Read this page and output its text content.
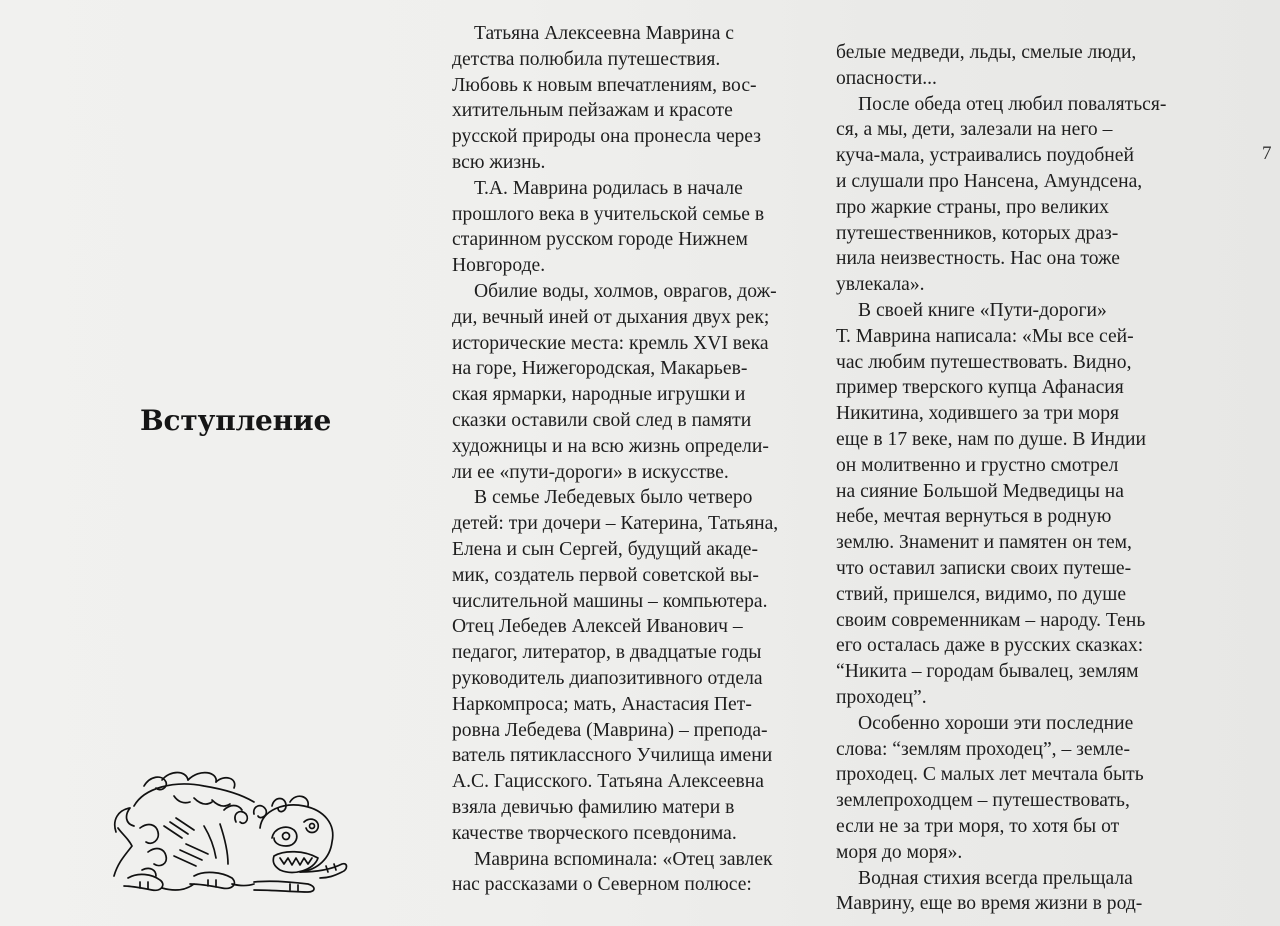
Вступление
7
Татьяна Алексеевна Маврина с
детства полюбила путешествия.
Любовь к новым впечатлениям, вос-
хитительным пейзажам и красоте
русской природы она пронесла через
всю жизнь.
Т.А. Маврина родилась в начале
прошлого века в учительской семье в
старинном русском городе Нижнем
Новгороде.
Обилие воды, холмов, оврагов, дож-
ди, вечный иней от дыхания двух рек;
исторические места: кремль XVI века
на горе, Нижегородская, Макарьев-
ская ярмарки, народные игрушки и
сказки оставили свой след в памяти
художницы и на всю жизнь определи-
ли ее «пути-дороги» в искусстве.
В семье Лебедевых было четверо
детей: три дочери – Катерина, Татьяна,
Елена и сын Сергей, будущий акаде-
мик, создатель первой советской вы-
числительной машины – компьютера.
Отец Лебедев Алексей Иванович –
педагог, литератор, в двадцатые годы
руководитель диапозитивного отдела
Наркомпроса; мать, Анастасия Пет-
ровна Лебедева (Маврина) – препода-
ватель пятиклассного Училища имени
А.С. Гацисского. Татьяна Алексеевна
взяла девичью фамилию матери в
качестве творческого псевдонима.
Маврина вспоминала: «Отец завлек
нас рассказами о Северном полюсе:
белые медведи, льды, смелые люди,
опасности...
После обеда отец любил поваляться-
ся, а мы, дети, залезали на него –
куча-мала, устраивались поудобней
и слушали про Нансена, Амундсена,
про жаркие страны, про великих
путешественников, которых драз-
нила неизвестность. Нас она тоже
увлекала».
В своей книге «Пути-дороги»
Т. Маврина написала: «Мы все сей-
час любим путешествовать. Видно,
пример тверского купца Афанасия
Никитина, ходившего за три моря
еще в 17 веке, нам по душе. В Индии
он молитвенно и грустно смотрел
на сияние Большой Медведицы на
небе, мечтая вернуться в родную
землю. Знаменит и памятен он тем,
что оставил записки своих путеше-
ствий, пришелся, видимо, по душе
своим современникам – народу. Тень
его осталась даже в русских сказках:
“Никита – городам бывалец, землям
проходец”.
Особенно хороши эти последние
слова: “землям проходец”, – земле-
проходец. С малых лет мечтала быть
землепроходцем – путешествовать,
если не за три моря, то хотя бы от
моря до моря».
Водная стихия всегда прельщала
Маврину, еще во время жизни в род-
